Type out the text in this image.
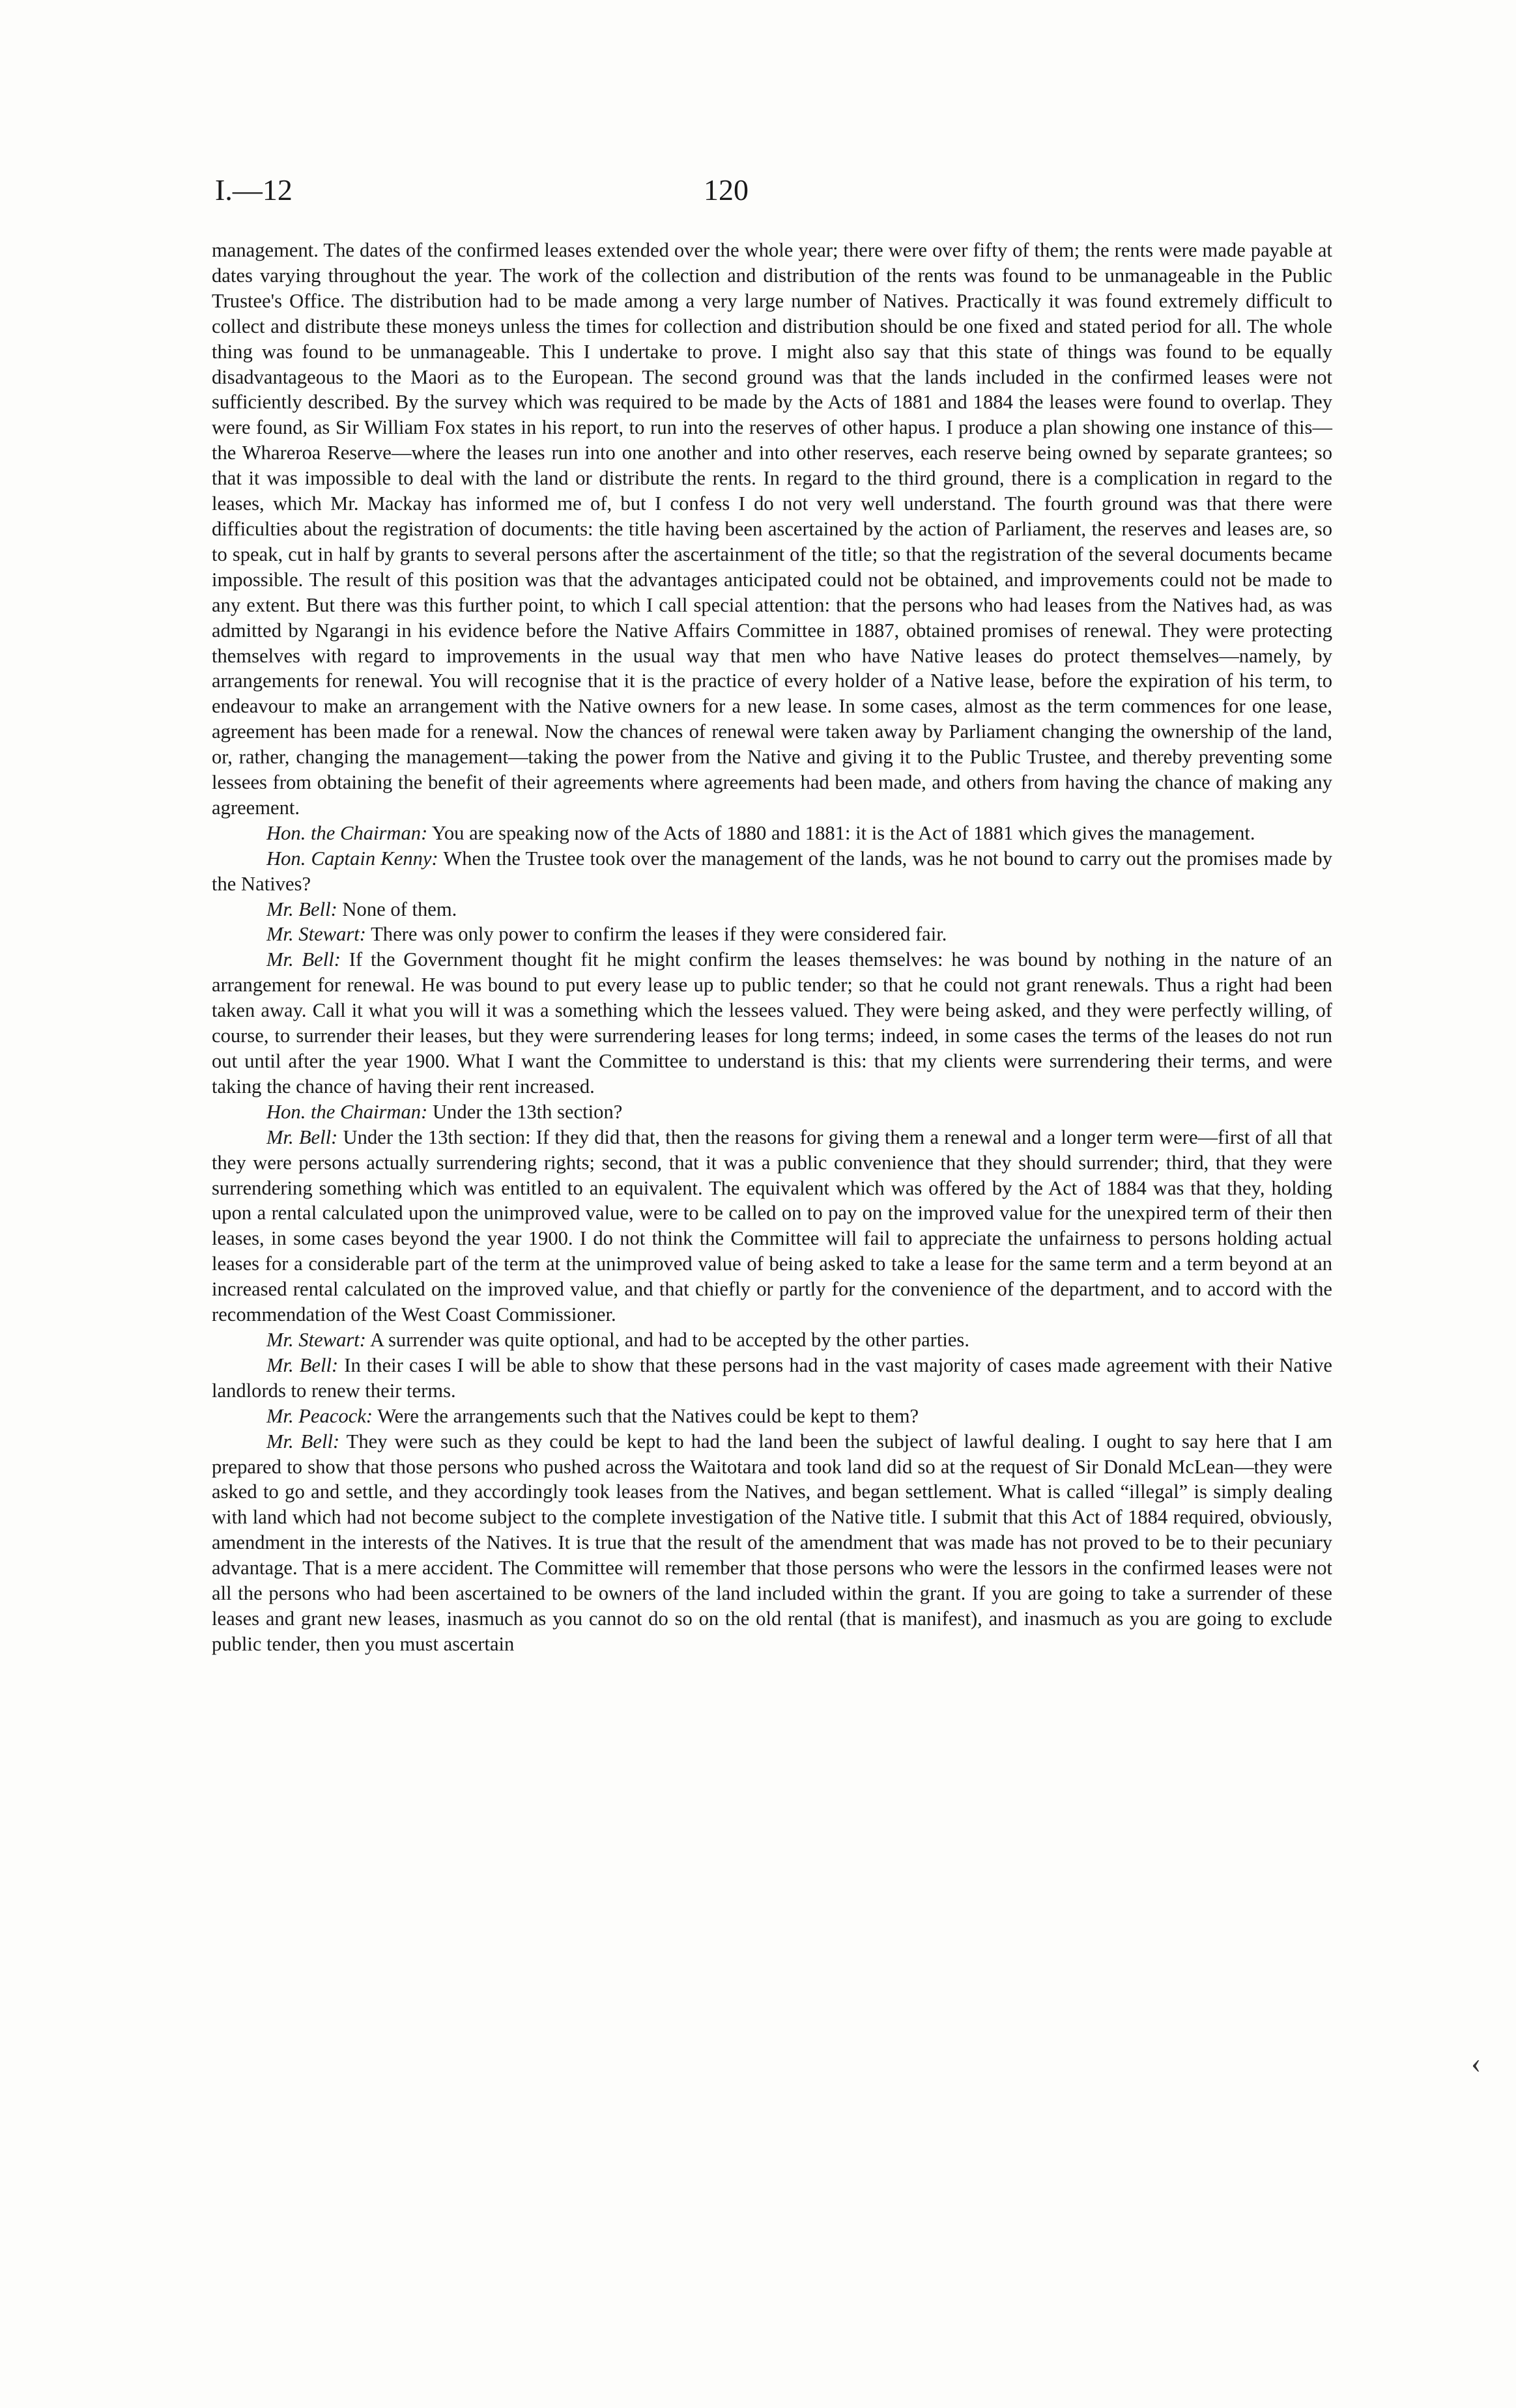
I.—12	120

management. The dates of the confirmed leases extended over the whole year; there were over fifty of them; the rents were made payable at dates varying throughout the year. The work of the collection and distribution of the rents was found to be unmanageable in the Public Trustee's Office. The distribution had to be made among a very large number of Natives. Practically it was found extremely difficult to collect and distribute these moneys unless the times for collection and distribution should be one fixed and stated period for all. The whole thing was found to be unmanageable. This I undertake to prove. I might also say that this state of things was found to be equally disadvantageous to the Maori as to the European. The second ground was that the lands included in the confirmed leases were not sufficiently described. By the survey which was required to be made by the Acts of 1881 and 1884 the leases were found to overlap. They were found, as Sir William Fox states in his report, to run into the reserves of other hapus. I produce a plan showing one instance of this—the Whareroa Reserve—where the leases run into one another and into other reserves, each reserve being owned by separate grantees; so that it was impossible to deal with the land or distribute the rents. In regard to the third ground, there is a complication in regard to the leases, which Mr. Mackay has informed me of, but I confess I do not very well understand. The fourth ground was that there were difficulties about the registration of documents: the title having been ascertained by the action of Parliament, the reserves and leases are, so to speak, cut in half by grants to several persons after the ascertainment of the title; so that the registration of the several documents became impossible. The result of this position was that the advantages anticipated could not be obtained, and improvements could not be made to any extent. But there was this further point, to which I call special attention: that the persons who had leases from the Natives had, as was admitted by Ngarangi in his evidence before the Native Affairs Committee in 1887, obtained promises of renewal. They were protecting themselves with regard to improvements in the usual way that men who have Native leases do protect themselves—namely, by arrangements for renewal. You will recognise that it is the practice of every holder of a Native lease, before the expiration of his term, to endeavour to make an arrangement with the Native owners for a new lease. In some cases, almost as the term commences for one lease, agreement has been made for a renewal. Now the chances of renewal were taken away by Parliament changing the ownership of the land, or, rather, changing the management—taking the power from the Native and giving it to the Public Trustee, and thereby preventing some lessees from obtaining the benefit of their agreements where agreements had been made, and others from having the chance of making any agreement.

Hon. the Chairman: You are speaking now of the Acts of 1880 and 1881: it is the Act of 1881 which gives the management.

Hon. Captain Kenny: When the Trustee took over the management of the lands, was he not bound to carry out the promises made by the Natives?

Mr. Bell: None of them.

Mr. Stewart: There was only power to confirm the leases if they were considered fair.

Mr. Bell: If the Government thought fit he might confirm the leases themselves: he was bound by nothing in the nature of an arrangement for renewal. He was bound to put every lease up to public tender; so that he could not grant renewals. Thus a right had been taken away. Call it what you will it was a something which the lessees valued. They were being asked, and they were perfectly willing, of course, to surrender their leases, but they were surrendering leases for long terms; indeed, in some cases the terms of the leases do not run out until after the year 1900. What I want the Committee to understand is this: that my clients were surrendering their terms, and were taking the chance of having their rent increased.

Hon. the Chairman: Under the 13th section?

Mr. Bell: Under the 13th section: If they did that, then the reasons for giving them a renewal and a longer term were—first of all that they were persons actually surrendering rights; second, that it was a public convenience that they should surrender; third, that they were surrendering something which was entitled to an equivalent. The equivalent which was offered by the Act of 1884 was that they, holding upon a rental calculated upon the unimproved value, were to be called on to pay on the improved value for the unexpired term of their then leases, in some cases beyond the year 1900. I do not think the Committee will fail to appreciate the unfairness to persons holding actual leases for a considerable part of the term at the unimproved value of being asked to take a lease for the same term and a term beyond at an increased rental calculated on the improved value, and that chiefly or partly for the convenience of the department, and to accord with the recommendation of the West Coast Commissioner.

Mr. Stewart: A surrender was quite optional, and had to be accepted by the other parties.

Mr. Bell: In their cases I will be able to show that these persons had in the vast majority of cases made agreement with their Native landlords to renew their terms.

Mr. Peacock: Were the arrangements such that the Natives could be kept to them?

Mr. Bell: They were such as they could be kept to had the land been the subject of lawful dealing. I ought to say here that I am prepared to show that those persons who pushed across the Waitotara and took land did so at the request of Sir Donald McLean—they were asked to go and settle, and they accordingly took leases from the Natives, and began settlement. What is called “illegal” is simply dealing with land which had not become subject to the complete investigation of the Native title. I submit that this Act of 1884 required, obviously, amendment in the interests of the Natives. It is true that the result of the amendment that was made has not proved to be to their pecuniary advantage. That is a mere accident. The Committee will remember that those persons who were the lessors in the confirmed leases were not all the persons who had been ascertained to be owners of the land included within the grant. If you are going to take a surrender of these leases and grant new leases, inasmuch as you cannot do so on the old rental (that is manifest), and inasmuch as you are going to exclude public tender, then you must ascertain

‹
